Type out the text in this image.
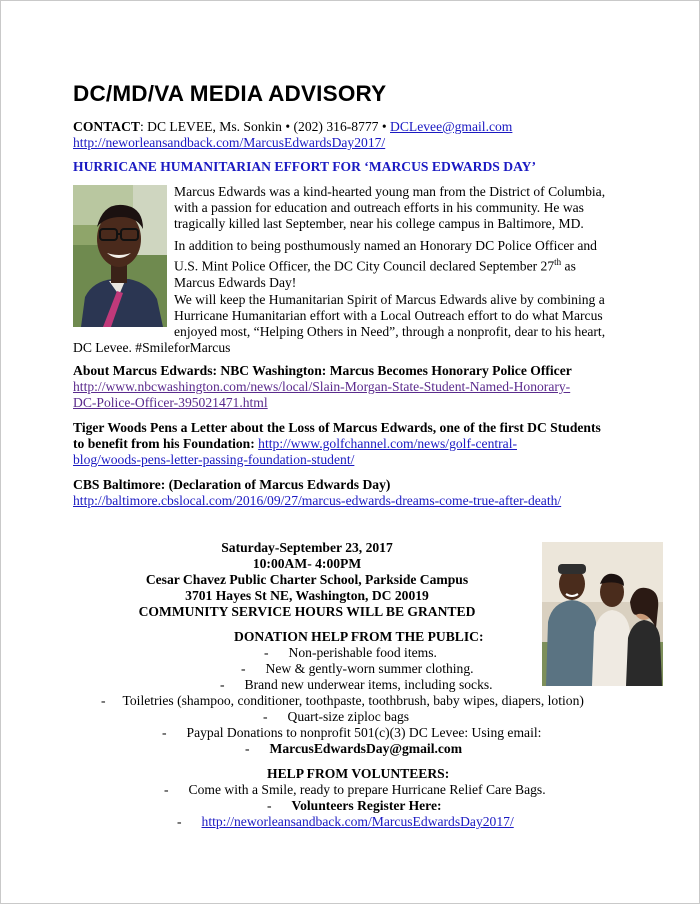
DC/MD/VA MEDIA ADVISORY
CONTACT: DC LEVEE, Ms. Sonkin • (202) 316-8777 • DCLevee@gmail.com
http://neworleansandback.com/MarcusEdwardsDay2017/
HURRICANE HUMANITARIAN EFFORT FOR ‘MARCUS EDWARDS DAY’
Marcus Edwards was a kind-hearted young man from the District of Columbia,
with a passion for education and outreach efforts in his community. He was
tragically killed last September, near his college campus in Baltimore, MD.
In addition to being posthumously named an Honorary DC Police Officer and
U.S. Mint Police Officer, the DC City Council declared September 27th as
Marcus Edwards Day!
We will keep the Humanitarian Spirit of Marcus Edwards alive by combining a
Hurricane Humanitarian effort with a Local Outreach effort to do what Marcus
enjoyed most, “Helping Others in Need”, through a nonprofit, dear to his heart,
DC Levee. #SmileforMarcus
About Marcus Edwards: NBC Washington: Marcus Becomes Honorary Police Officer
http://www.nbcwashington.com/news/local/Slain-Morgan-State-Student-Named-Honorary-
DC-Police-Officer-395021471.html
Tiger Woods Pens a Letter about the Loss of Marcus Edwards, one of the first DC Students
to benefit from his Foundation: http://www.golfchannel.com/news/golf-central-
blog/woods-pens-letter-passing-foundation-student/
CBS Baltimore: (Declaration of Marcus Edwards Day)
http://baltimore.cbslocal.com/2016/09/27/marcus-edwards-dreams-come-true-after-death/
Saturday-September 23, 2017
10:00AM- 4:00PM
Cesar Chavez Public Charter School, Parkside Campus
3701 Hayes St NE, Washington, DC 20019
COMMUNITY SERVICE HOURS WILL BE GRANTED
DONATION HELP FROM THE PUBLIC:
- Non-perishable food items.
- New & gently-worn summer clothing.
- Brand new underwear items, including socks.
- Toiletries (shampoo, conditioner, toothpaste, toothbrush, baby wipes, diapers, lotion)
- Quart-size ziploc bags
- Paypal Donations to nonprofit 501(c)(3) DC Levee: Using email:
- MarcusEdwardsDay@gmail.com
HELP FROM VOLUNTEERS:
- Come with a Smile, ready to prepare Hurricane Relief Care Bags.
- Volunteers Register Here:
- http://neworleansandback.com/MarcusEdwardsDay2017/
